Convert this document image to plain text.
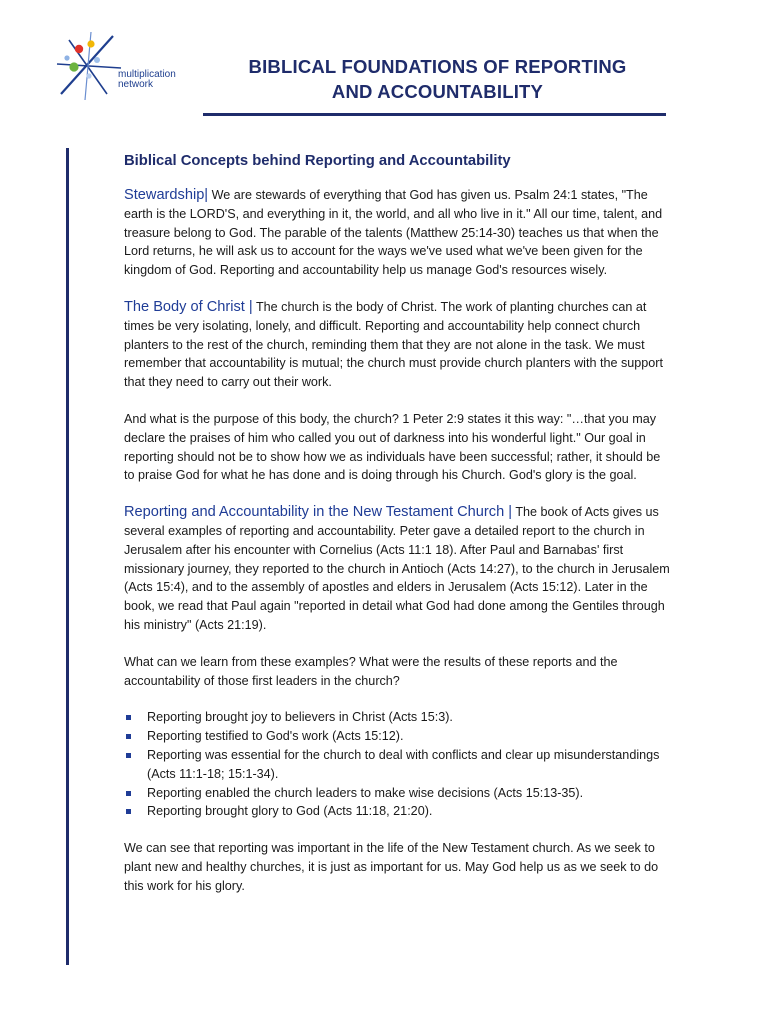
multiplication
network
BIBLICAL FOUNDATIONS OF REPORTING
AND ACCOUNTABILITY
Biblical Concepts behind Reporting and Accountability

Stewardship| We are stewards of everything that God has given us. Psalm 24:1 states, "The earth is the LORD'S, and everything in it, the world, and all who live in it." All our time, talent, and treasure belong to God. The parable of the talents (Matthew 25:14-30) teaches us that when the Lord returns, he will ask us to account for the ways we've used what we've been given for the kingdom of God. Reporting and accountability help us manage God's resources wisely.

The Body of Christ | The church is the body of Christ. The work of planting churches can at times be very isolating, lonely, and difficult. Reporting and accountability help connect church planters to the rest of the church, reminding them that they are not alone in the task. We must remember that accountability is mutual; the church must provide church planters with the support that they need to carry out their work.

And what is the purpose of this body, the church? 1 Peter 2:9 states it this way: "…that you may declare the praises of him who called you out of darkness into his wonderful light." Our goal in reporting should not be to show how we as individuals have been successful; rather, it should be to praise God for what he has done and is doing through his Church. God's glory is the goal.

Reporting and Accountability in the New Testament Church | The book of Acts gives us several examples of reporting and accountability. Peter gave a detailed report to the church in Jerusalem after his encounter with Cornelius (Acts 11:1 18). After Paul and Barnabas' first missionary journey, they reported to the church in Antioch (Acts 14:27), to the church in Jerusalem (Acts 15:4), and to the assembly of apostles and elders in Jerusalem (Acts 15:12). Later in the book, we read that Paul again "reported in detail what God had done among the Gentiles through his ministry" (Acts 21:19).

What can we learn from these examples? What were the results of these reports and the accountability of those first leaders in the church?

Reporting brought joy to believers in Christ (Acts 15:3).
Reporting testified to God's work (Acts 15:12).
Reporting was essential for the church to deal with conflicts and clear up misunderstandings (Acts 11:1-18; 15:1-34).
Reporting enabled the church leaders to make wise decisions (Acts 15:13-35).
Reporting brought glory to God (Acts 11:18, 21:20).

We can see that reporting was important in the life of the New Testament church. As we seek to plant new and healthy churches, it is just as important for us. May God help us as we seek to do this work for his glory.
